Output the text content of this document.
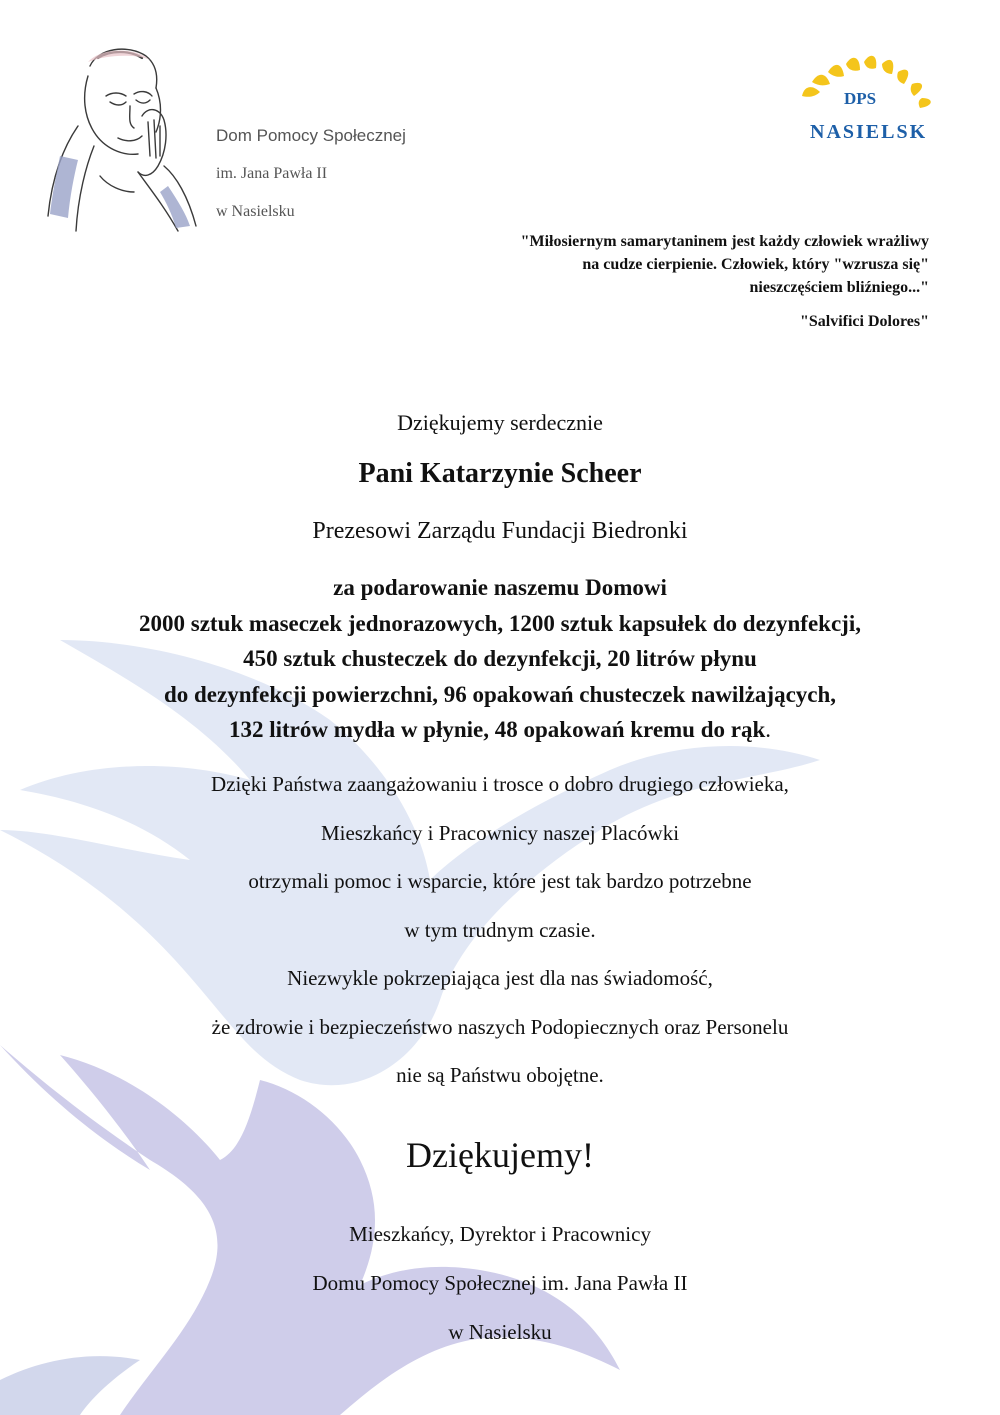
Dom Pomocy Społecznej
im. Jana Pawła II
w Nasielsku
DPS
NASIELSK
"Miłosiernym samarytaninem jest każdy człowiek wrażliwy
na cudze cierpienie. Człowiek, który "wzrusza się"
nieszczęściem bliźniego..."
"Salvifici Dolores"
Dziękujemy serdecznie
Pani Katarzynie Scheer
Prezesowi Zarządu Fundacji Biedronki
za podarowanie naszemu Domowi
2000 sztuk maseczek jednorazowych, 1200 sztuk kapsułek do dezynfekcji,
450 sztuk chusteczek do dezynfekcji, 20 litrów płynu
do dezynfekcji powierzchni, 96 opakowań chusteczek nawilżających,
132 litrów mydła w płynie, 48 opakowań kremu do rąk.
Dzięki Państwa zaangażowaniu i trosce o dobro drugiego człowieka,
Mieszkańcy i Pracownicy naszej Placówki
otrzymali pomoc i wsparcie, które jest tak bardzo potrzebne
w tym trudnym czasie.
Niezwykle pokrzepiająca jest dla nas świadomość,
że zdrowie i bezpieczeństwo naszych Podopiecznych oraz Personelu
nie są Państwu obojętne.
Dziękujemy!
Mieszkańcy, Dyrektor i Pracownicy
Domu Pomocy Społecznej im. Jana Pawła II
w Nasielsku
